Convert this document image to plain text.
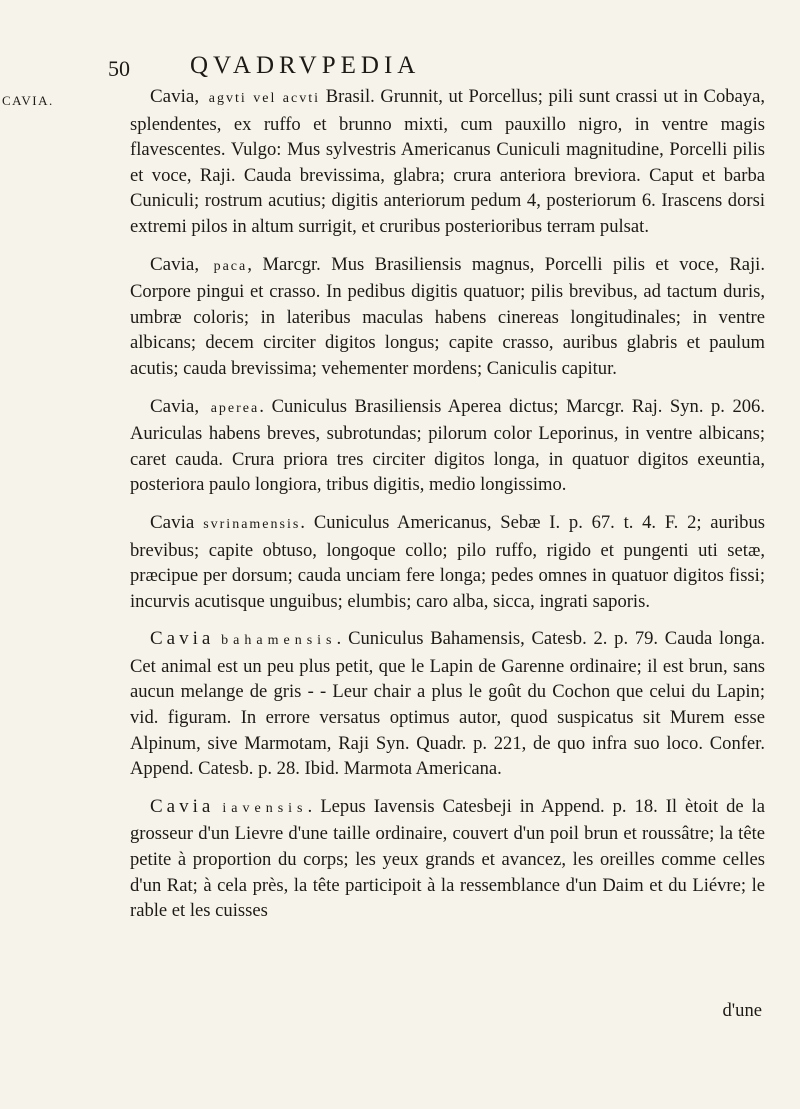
50 QVADRVPEDIA
CAVIA.	Cavia, agvti vel acvti Brasil. Grunnit, ut Porcellus; pili sunt crassi ut in Cobaya, splendentes, ex ruffo et brunno mixti, cum pauxillo nigro, in ventre magis flavescentes. Vulgo: Mus sylvestris Americanus Cuniculi magnitudine, Porcelli pilis et voce, Raji. Cauda brevissima, glabra; crura anteriora breviora. Caput et barba Cuniculi; rostrum acutius; digitis anteriorum pedum 4, posteriorum 6. Irascens dorsi extremi pilos in altum surrigit, et cruribus posterioribus terram pulsat.

Cavia, paca, Marcgr. Mus Brasiliensis magnus, Porcelli pilis et voce, Raji. Corpore pingui et crasso. In pedibus digitis quatuor; pilis brevibus, ad tactum duris, umbræ coloris; in lateribus maculas habens cinereas longitudinales; in ventre albicans; decem circiter digitos longus; capite crasso, auribus glabris et paulum acutis; cauda brevissima; vehementer mordens; Caniculis capitur.

Cavia, aperea. Cuniculus Brasiliensis Aperea dictus; Marcgr. Raj. Syn. p. 206. Auriculas habens breves, subrotundas; pilorum color Leporinus, in ventre albicans; caret cauda. Crura priora tres circiter digitos longa, in quatuor digitos exeuntia, posteriora paulo longiora, tribus digitis, medio longissimo.

Cavia svrinamensis. Cuniculus Americanus, Sebæ I. p. 67. t. 4. F. 2; auribus brevibus; capite obtuso, longoque collo; pilo ruffo, rigido et pungenti uti setæ, præcipue per dorsum; cauda unciam fere longa; pedes omnes in quatuor digitos fissi; incurvis acutisque unguibus; elumbis; caro alba, sicca, ingrati saporis.

Cavia bahamensis. Cuniculus Bahamensis, Catesb. 2. p. 79. Cauda longa. Cet animal est un peu plus petit, que le Lapin de Garenne ordinaire; il est brun, sans aucun melange de gris - - Leur chair a plus le goût du Cochon que celui du Lapin; vid. figuram. In errore versatus optimus autor, quod suspicatus sit Murem esse Alpinum, sive Marmotam, Raji Syn. Quadr. p. 221, de quo infra suo loco. Confer. Append. Catesb. p. 28. Ibid. Marmota Americana.

Cavia iavensis. Lepus Iavensis Catesbeji in Append. p. 18. Il ètoit de la grosseur d'un Lievre d'une taille ordinaire, couvert d'un poil brun et roussâtre; la tête petite à proportion du corps; les yeux grands et avancez, les oreilles comme celles d'un Rat; à cela près, la tête participoit à la ressemblance d'un Daim et du Liévre; le rable et les cuisses

d'une
